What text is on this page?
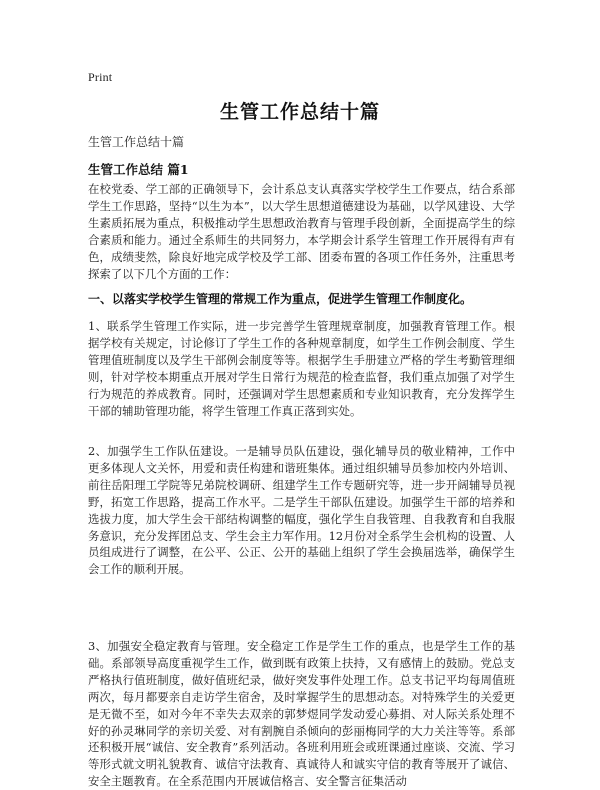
Print
生管工作总结十篇
生管工作总结十篇
生管工作总结 篇1

在校党委、学工部的正确领导下，会计系总支认真落实学校学生工作要点，结合系部学生工作思路，坚持“以生为本”，以大学生思想道德建设为基础，以学风建设、大学生素质拓展为重点，积极推动学生思想政治教育与管理手段创新，全面提高学生的综合素质和能力。通过全系师生的共同努力，本学期会计系学生管理工作开展得有声有色，成绩斐然，除良好地完成学校及学工部、团委布置的各项工作任务外，注重思考探索了以下几个方面的工作：

一、以落实学校学生管理的常规工作为重点，促进学生管理工作制度化。

1、联系学生管理工作实际，进一步完善学生管理规章制度，加强教育管理工作。根据学校有关规定，讨论修订了学生工作的各种规章制度，如学生工作例会制度、学生管理值班制度以及学生干部例会制度等等。根据学生手册建立严格的学生考勤管理细则，针对学校本期重点开展对学生日常行为规范的检查监督，我们重点加强了对学生行为规范的养成教育。同时，还强调对学生思想素质和专业知识教育，充分发挥学生干部的辅助管理功能，将学生管理工作真正落到实处。

2、加强学生工作队伍建设。一是辅导员队伍建设，强化辅导员的敬业精神，工作中更多体现人文关怀，用爱和责任构建和谐班集体。通过组织辅导员参加校内外培训、前往岳阳理工学院等兄弟院校调研、组建学生工作专题研究等，进一步开阔辅导员视野，拓宽工作思路，提高工作水平。二是学生干部队伍建设。加强学生干部的培养和选拔力度，加大学生会干部结构调整的幅度，强化学生自我管理、自我教育和自我服务意识，充分发挥团总支、学生会主力军作用。12月份对全系学生会机构的设置、人员组成进行了调整，在公平、公正、公开的基础上组织了学生会换届选举，确保学生会工作的顺利开展。

3、加强安全稳定教育与管理。安全稳定工作是学生工作的重点，也是学生工作的基础。系部领导高度重视学生工作，做到既有政策上扶持，又有感情上的鼓励。党总支严格执行值班制度，做好值班纪录，做好突发事件处理工作。总支书记平均每周值班两次，每月都要亲自走访学生宿舍，及时掌握学生的思想动态。对特殊学生的关爱更是无微不至，如对今年不幸失去双亲的郭梦煜同学发动爱心募捐、对人际关系处理不好的孙灵琳同学的亲切关爱、对有割腕自杀倾向的彭丽梅同学的大力关注等等。系部还积极开展“诚信、安全教育”系列活动。各班利用班会或班课通过座谈、交流、学习等形式就文明礼貌教育、诚信守法教育、真诚待人和诚实守信的教育等展开了诚信、安全主题教育。在全系范围内开展诚信格言、安全警言征集活动
